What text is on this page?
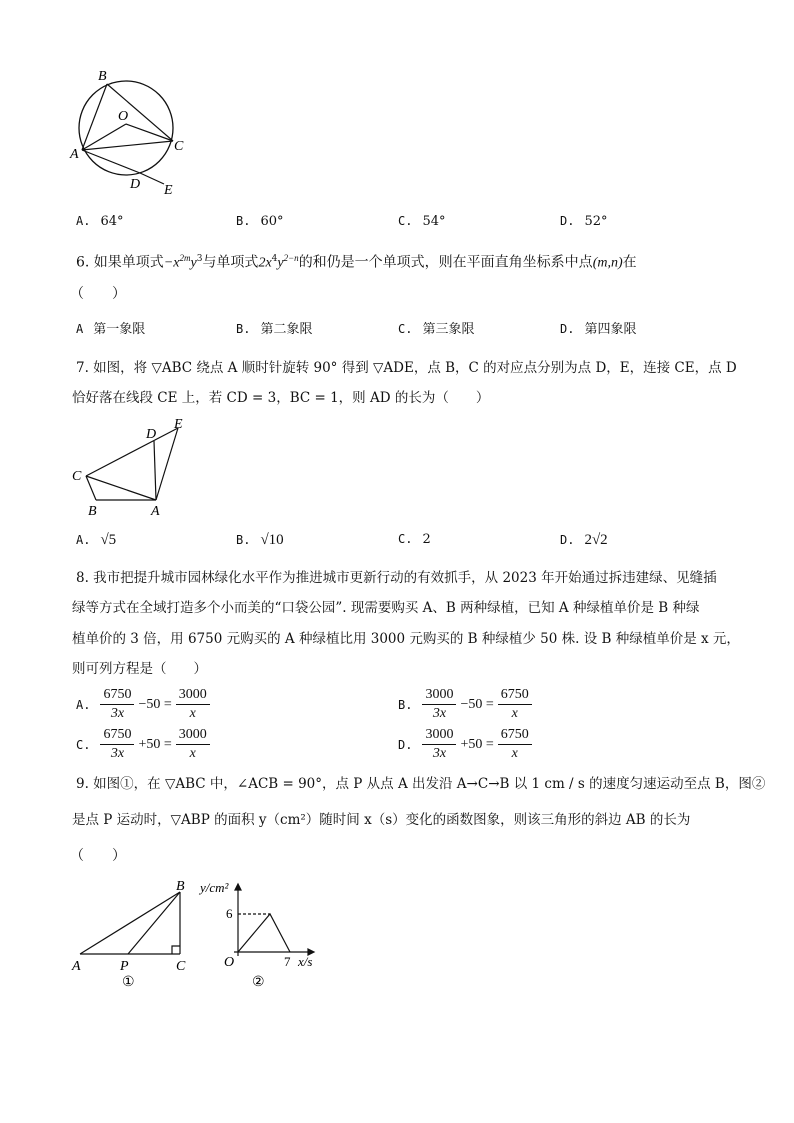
B
O
A
C
D E
A. 64°	B. 60°	C. 54°	D. 52°
6. 如果单项式$-x^{2m}y^3$与单项式$2x^4y^{2-n}$的和仍是一个单项式，则在平面直角坐标系中点(m,n)在
（　　）
A 第一象限	B. 第二象限	C. 第三象限	D. 第四象限
7. 如图，将 ▽ABC 绕点 A 顺时针旋转 90° 得到 ▽ADE，点 B，C 的对应点分别为点 D，E，连接 CE，点 D
恰好落在线段 CE 上，若 CD = 3，BC = 1，则 AD 的长为（　　）
D
E
C
B	A
A. √5	B. √10	C. 2	D. 2√2
8. 我市把提升城市园林绿化水平作为推进城市更新行动的有效抓手，从 2023 年开始通过拆违建绿、见缝插
绿等方式在全域打造多个小而美的“口袋公园”. 现需要购买 A、B 两种绿植，已知 A 种绿植单价是 B 种绿
植单价的 3 倍，用 6750 元购买的 A 种绿植比用 3000 元购买的 B 种绿植少 50 株. 设 B 种绿植单价是 x 元，
则可列方程是（　　）
A. $\frac{6750}{3x} -50 = \frac{3000}{x}$	B. $\frac{3000}{3x} -50 = \frac{6750}{x}$
C. $\frac{6750}{3x} +50 = \frac{3000}{x}$	D. $\frac{3000}{3x} +50 = \frac{6750}{x}$
9. 如图①，在 ▽ABC 中，∠ACB = 90°，点 P 从点 A 出发沿 A→C→B 以 1 cm / s 的速度匀速运动至点 B，图②
是点 P 运动时，▽ABP 的面积 y（cm²）随时间 x（s）变化的函数图象，则该三角形的斜边 AB 的长为
（　　）
B
A	P	C
①
y/cm²
6
O	7 x/s
②
